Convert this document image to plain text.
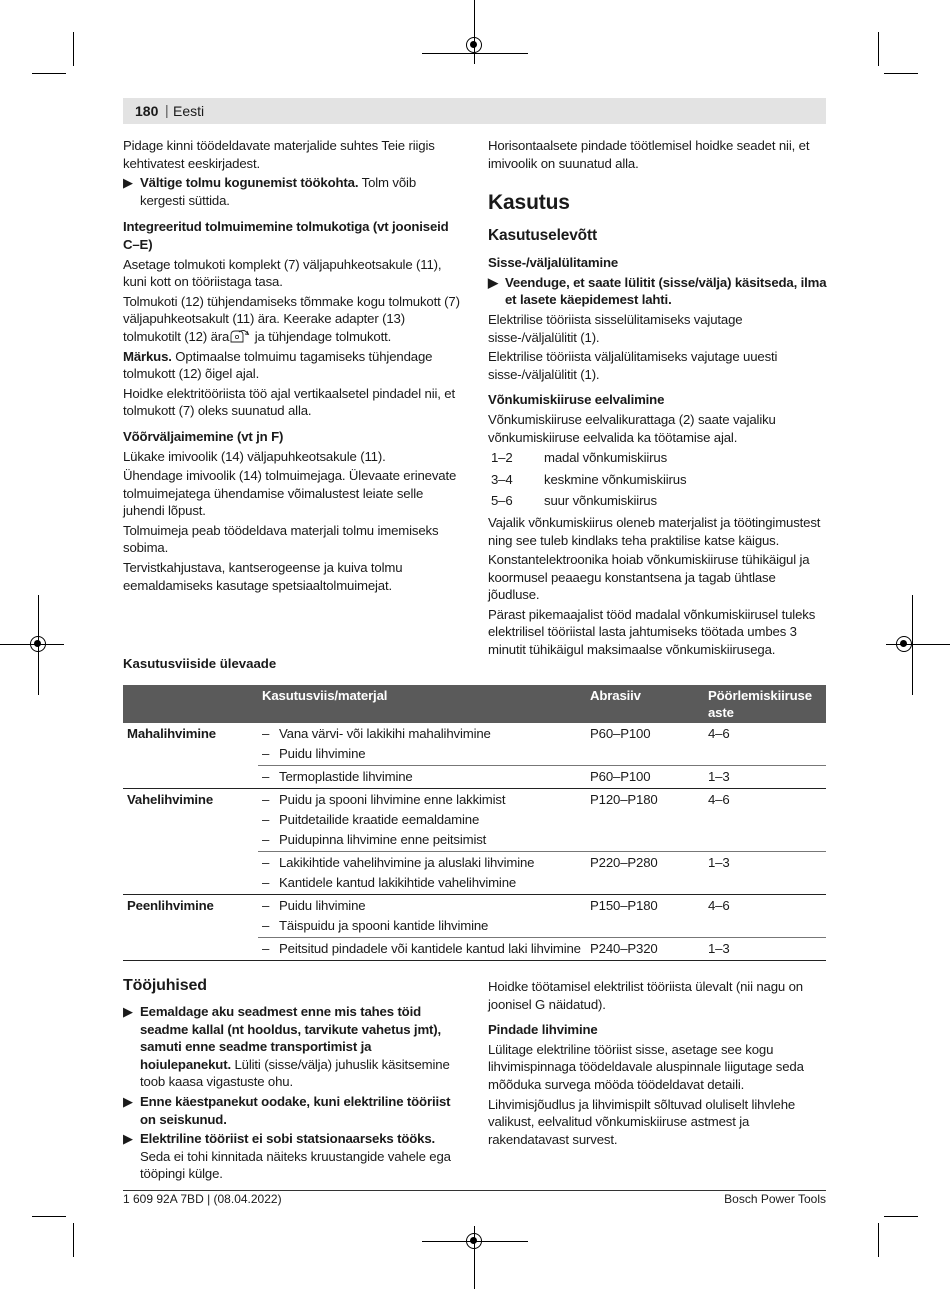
180 | Eesti

Pidage kinni töödeldavate materjalide suhtes Teie riigis kehtivatest eeskirjadest.

▶ Vältige tolmu kogunemist töökohta. Tolm võib kergesti süttida.
Integreeritud tolmuimemine tolmukotiga (vt jooniseid C–E)

Asetage tolmukoti komplekt (7) väljapuhkeotsakule (11), kuni kott on tööriistaga tasa.

Tolmukoti (12) tühjendamiseks tõmmake kogu tolmukott (7) väljapuhkeotsakult (11) ära. Keerake adapter (13) tolmukotilt (12) ära ja tühjendage tolmukott.

Märkus. Optimaalse tolmuimu tagamiseks tühjendage tolmukott (12) õigel ajal.

Hoidke elektritööriista töö ajal vertikaalsetel pindadel nii, et tolmukott (7) oleks suunatud alla.

Võõrväljaimemine (vt jn F)

Lükake imivoolik (14) väljapuhkeotsakule (11).

Ühendage imivoolik (14) tolmuimejaga. Ülevaate erinevate tolmuimejatega ühendamise võimalustest leiate selle juhendi lõpust.

Tolmuimeja peab töödeldava materjali tolmu imemiseks sobima.

Tervistkahjustava, kantserogeense ja kuiva tolmu eemaldamiseks kasutage spetsiaaltolmuimejat.

Horisontaalsete pindade töötlemisel hoidke seadet nii, et imivoolik on suunatud alla.

Kasutus
Kasutuselevõtt
Sisse-/väljalülitamine
▶ Veenduge, et saate lülitit (sisse/välja) käsitseda, ilma et lasete käepidemest lahti.

Elektrilise tööriista sisselülitamiseks vajutage sisse-/väljalülitit (1).

Elektrilise tööriista väljalülitamiseks vajutage uuesti sisse-/väljalülitit (1).

Võnkumiskiiruse eelvalimine

Võnkumiskiiruse eelvalikurattaga (2) saate vajaliku võnkumiskiiruse eelvalida ka töötamise ajal.

1–2	madal võnkumiskiirus
3–4	keskmine võnkumiskiirus
5–6	suur võnkumiskiirus

Vajalik võnkumiskiirus oleneb materjalist ja töötingimustest ning see tuleb kindlaks teha praktilise katse käigus.

Konstantelektroonika hoiab võnkumiskiiruse tühikäigul ja koormusel peaaegu konstantsena ja tagab ühtlase jõudluse.

Pärast pikemaajalist tööd madalal võnkumiskiirusel tuleks elektrilisel tööriistal lasta jahtumiseks töötada umbes 3 minutit tühikäigul maksimaalse võnkumiskiirusega.

Kasutusviiside ülevaade
	Kasutusviis/materjal	Abrasiiv	Pöörlemiskiiruse aste
Mahalihvimine	– Vana värvi- või lakikihi mahalihvimine
– Puidu lihvimine	P60–P100	4–6

	– Termoplastide lihvimine	P60–P100	1–3
Vahelihvimine	– Puidu ja spooni lihvimine enne lakkimist
– Puitdetailide kraatide eemaldamine
– Puidupinna lihvimine enne peitsimist	P120–P180	4–6

	– Lakikihtide vahelihvimine ja aluslaki lihvimine
– Kantidele kantud lakikihtide vahelihvimine	P220–P280	1–3
Peenlihvimine	– Puidu lihvimine
– Täispuidu ja spooni kantide lihvimine	P150–P180	4–6

	– Peitsitud pindadele või kantidele kantud laki lihvimine	P240–P320	1–3
Tööjuhised
▶ Eemaldage aku seadmest enne mis tahes töid seadme kallal (nt hooldus, tarvikute vahetus jmt), samuti enne seadme transportimist ja hoiulepanekut. Lüliti (sisse/välja) juhuslik käsitsemine toob kaasa vigastuste ohu.
▶ Enne käestpanekut oodake, kuni elektriline tööriist on seiskunud.
▶ Elektriline tööriist ei sobi statsionaarseks tööks. Seda ei tohi kinnitada näiteks kruustangide vahele ega tööpingi külge.

Hoidke töötamisel elektrilist tööriista ülevalt (nii nagu on joonisel G näidatud).

Pindade lihvimine

Lülitage elektriline tööriist sisse, asetage see kogu lihvimispinnaga töödeldavale aluspinnale liigutage seda mõõduka survega mööda töödeldavat detaili.

Lihvimisjõudlus ja lihvimispilt sõltuvad oluliselt lihvlehe valikust, eelvalitud võnkumiskiiruse astmest ja rakendatavast survest.

1 609 92A 7BD | (08.04.2022)	Bosch Power Tools
